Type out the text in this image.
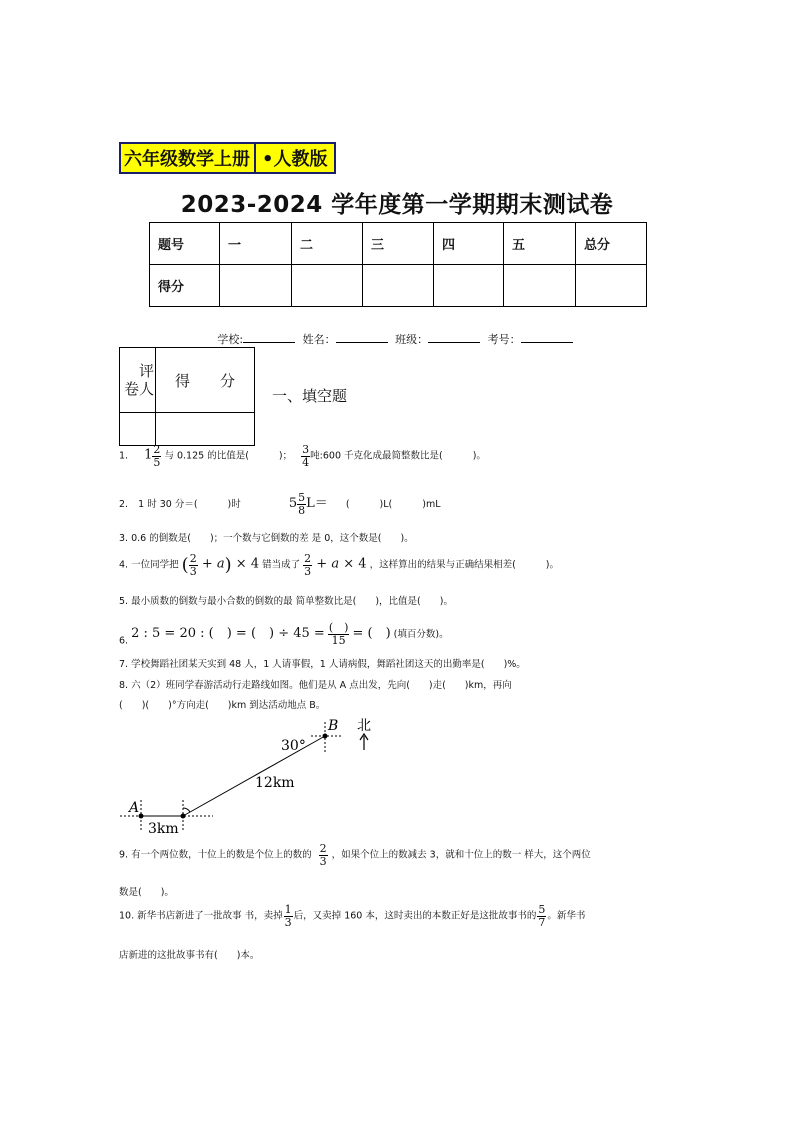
六年级数学上册 •人教版
2023-2024 学年度第一学期期末测试卷
题号	一	二	三	四	五	总分
得分						
学校:	姓名：	班级：	考号：
评
卷人	得　　分

一、填空题
1. $1 \frac{2}{5}$ 与 0.125 的比值是(	)； $\frac{3}{4}$ 吨:600 千克化成最简整数比是(	)。
2. 1 时 30 分＝(	)时	$5 \frac{5}{8} L=$ (	)L(	)mL
3. 0.6 的倒数是(　　)；一个数与它倒数的差 是 0，这个数是(　　)。
4. 一位同学把 ( $\frac{2}{3} + a) \times 4$ 错当成了 $\frac{2}{3} + a \times 4$ ，这样算出的结果与正确结果相差(	)。
5. 最小质数的倒数与最小合数的倒数的最 简单整数比是(　　)，比值是(　　)。
6. 2 : 5 = 20 : (　) = (　) ÷ $45 = \frac{( )}{15}$ = (　) (填百分数)。
7. 学校舞蹈社团某天实到 48 人，1 人请事假，1 人请病假，舞蹈社团这天的出勤率是(　　)%。
8. 六（2）班同学春游活动行走路线如图。他们是从 A 点出发，先向(　　)走(　　)km，再向
(　　)(　　)°方向走(　　)km 到达活动地点 B。
A
B 北
30°
12km
3km
9. 有一个两位数，十位上的数是个位上的数的 $\frac{2}{3}$ ，如果个位上的数减去 3，就和十位上的数一 样大，这个两位
数是(　　)。
10. 新华书店新进了一批故事 书，卖掉 $\frac{1}{3}$ 后，又卖掉 160 本，这时卖出的本数正好是这批故事书的 $\frac{5}{7}$ 。新华书
店新进的这批故事书有(　　)本。
